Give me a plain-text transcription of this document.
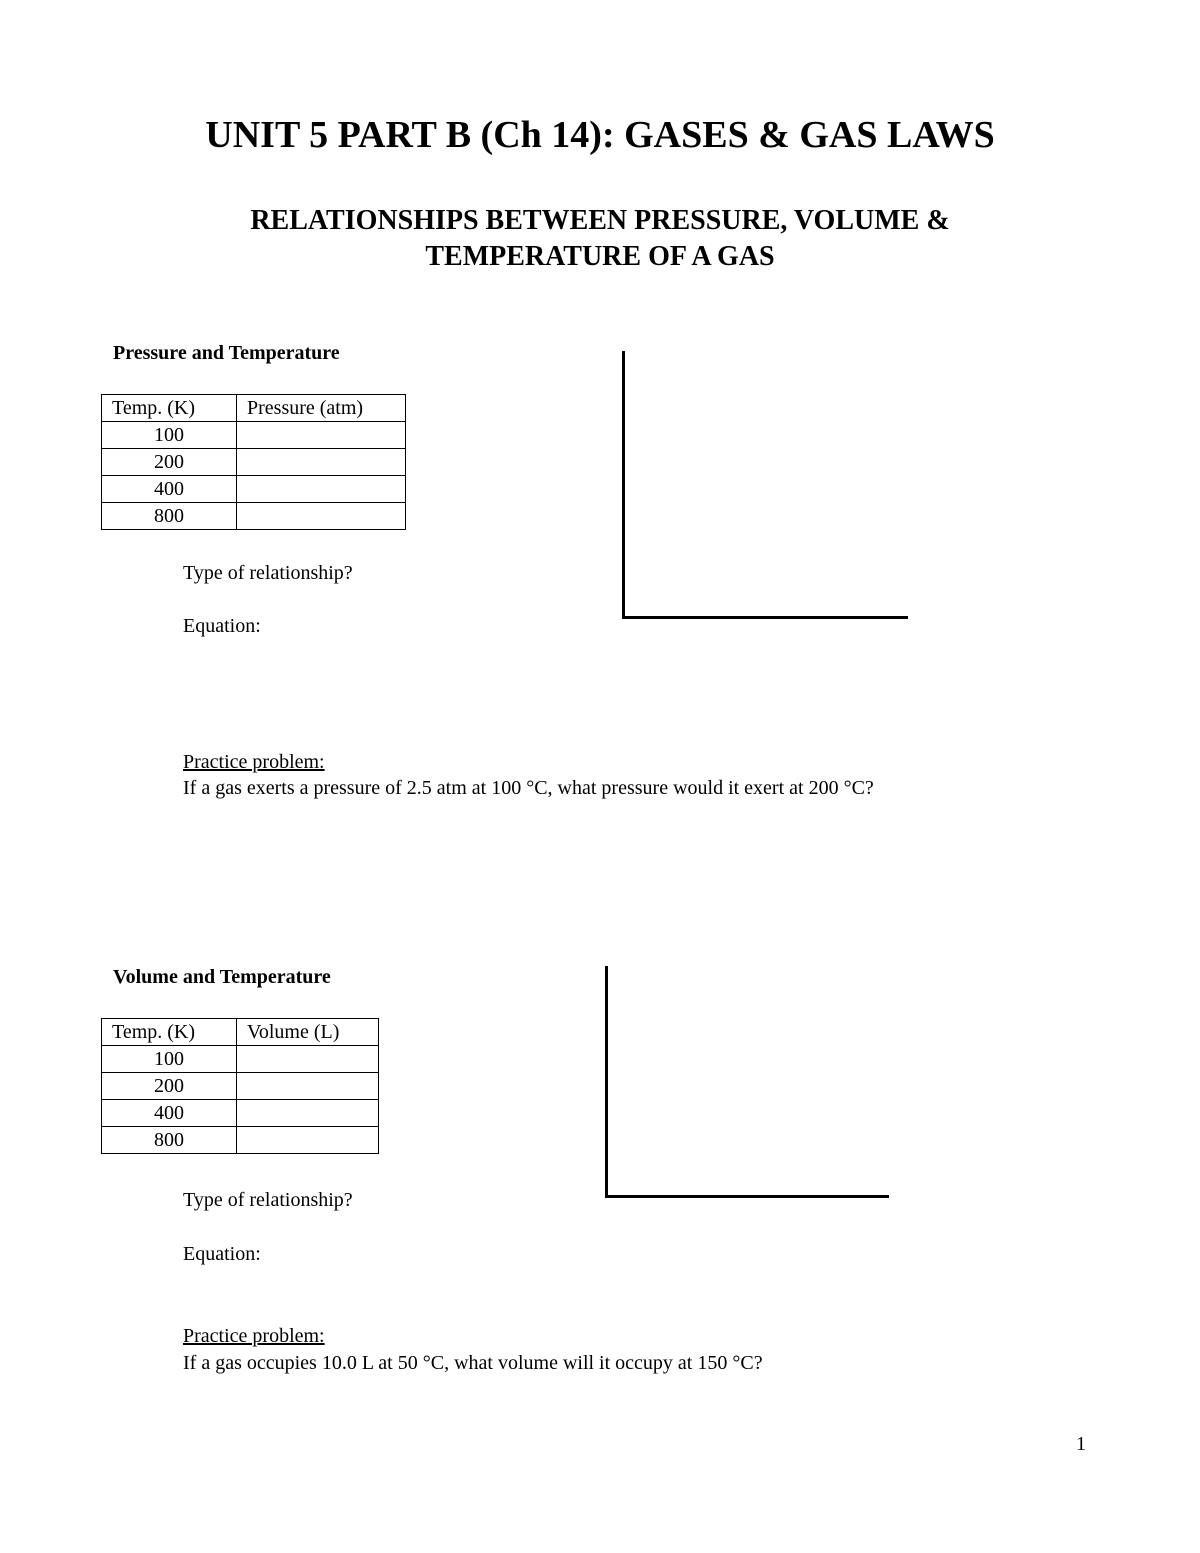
UNIT 5 PART B (Ch 14): GASES & GAS LAWS
RELATIONSHIPS BETWEEN PRESSURE, VOLUME &
TEMPERATURE OF A GAS
Pressure and Temperature
Temp. (K)	Pressure (atm)
100	
200	
400	
800	
Type of relationship?
Equation:
Practice problem:
If a gas exerts a pressure of 2.5 atm at 100 °C, what pressure would it exert at 200 °C?
Volume and Temperature
Temp. (K)	Volume (L)
100	
200	
400	
800	
Type of relationship?
Equation:
Practice problem:
If a gas occupies 10.0 L at 50 °C, what volume will it occupy at 150 °C?
1
